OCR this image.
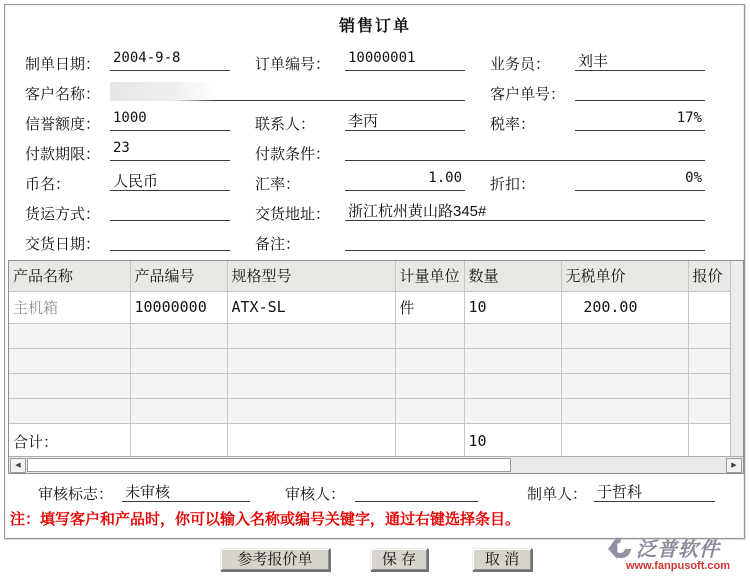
销售订单
制单日期： 2004-9-8	订单编号： 10000001	业务员： 刘丰
客户名称：	客户单号：
信誉额度： 1000	联系人： 李丙	税率：	17%
付款期限： 23	付款条件：
币名：	人民币	汇率：	1.00 折扣：	0%
货运方式：	交货地址： 浙江杭州黄山路345#
交货日期：	备注：
产品名称	产品编号	规格型号	计量单位	数量	无税单价	报价
主机箱	10000000	ATX-SL	件	10	200.00	

合计：				10		
◀	▶
审核标志： 未审核	审核人：	制单人： 于哲科
注：填写客户和产品时，你可以输入名称或编号关键字，通过右键选择条目。
参考报价单	保 存	取 消	泛普软件
www.fanpusoft.com
